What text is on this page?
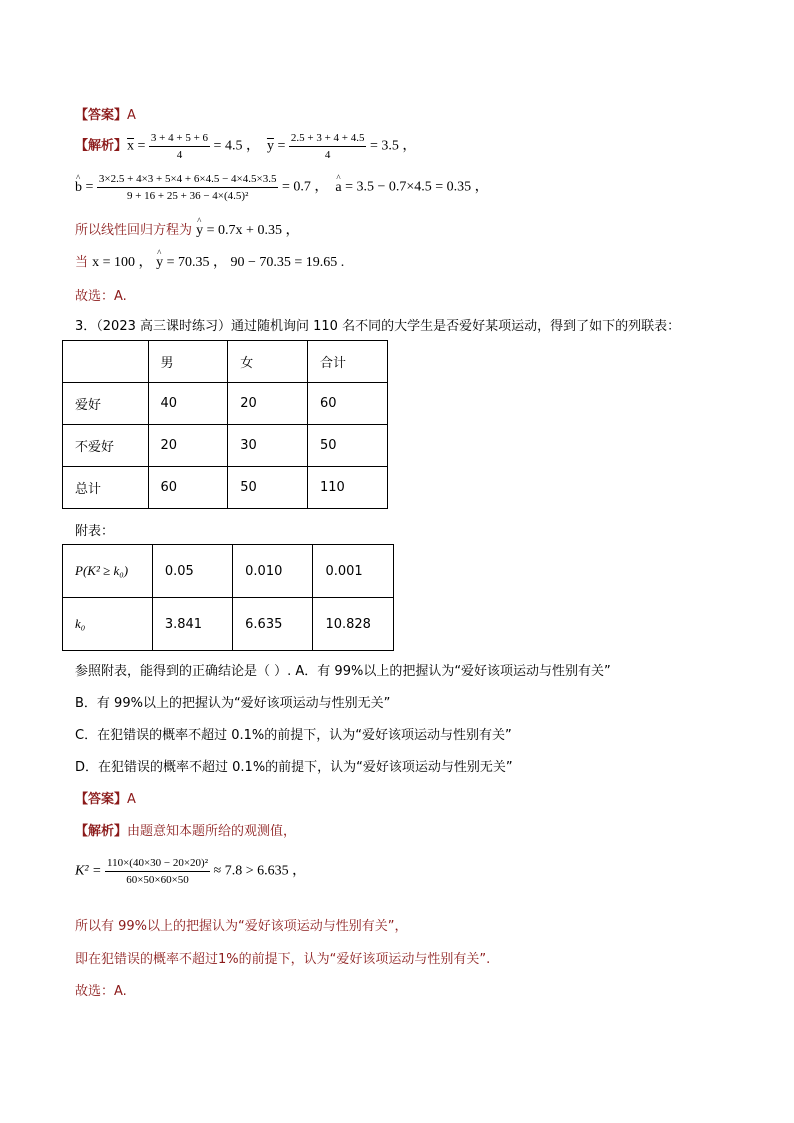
【答案】A
【解析】$\overline{x} = \frac{3 + 4 + 5 + 6}{4} = 4.5$ ， $\overline{y} = \frac{2.5 + 3 + 4 + 4.5}{4} = 3.5$ ，
^ $b = \frac{3\times 2.5 + 4\times 3 + 5\times 4 + 6\times 4.5 - 4\times 4.5\times 3.5}{\text{9 + 16 + 25 + 36 − 4×(4.5)²}} = 0.7$ ， ^ a = 3.5 − 0.7×4.5 = 0.35 ，
所以线性回归方程为 ^ y = 0.7x + 0.35 ，
当 x = 100 ， ^ y = 70.35 ， 90 − 70.35 = 19.65 .
故选：A.
3．（2023 高三课时练习）通过随机询问 110 名不同的大学生是否爱好某项运动，得到了如下的列联表：
	男	女	合计
爱好	40	20	60
不爱好	20	30	50
总计	60	50	110
附表：
P(K² ≥ k₀)	0.05	0.010	0.001
k₀	3.841	6.635	10.828
参照附表，能得到的正确结论是（ ）. A．有 99%以上的把握认为“爱好该项运动与性别有关”
B．有 99%以上的把握认为“爱好该项运动与性别无关”
C．在犯错误的概率不超过 0.1%的前提下，认为“爱好该项运动与性别有关”
D．在犯错误的概率不超过 0.1%的前提下，认为“爱好该项运动与性别无关”
【答案】A
【解析】由题意知本题所给的观测值，
$K^2 = \frac{\text{110×(40×30 − 20×20)²}}{60\times 50\times 60\times 50} \approx 7.8 > 6.635$ ，
所以有 99%以上的把握认为“爱好该项运动与性别有关”，
即在犯错误的概率不超过1%的前提下，认为“爱好该项运动与性别有关”.
故选：A.
